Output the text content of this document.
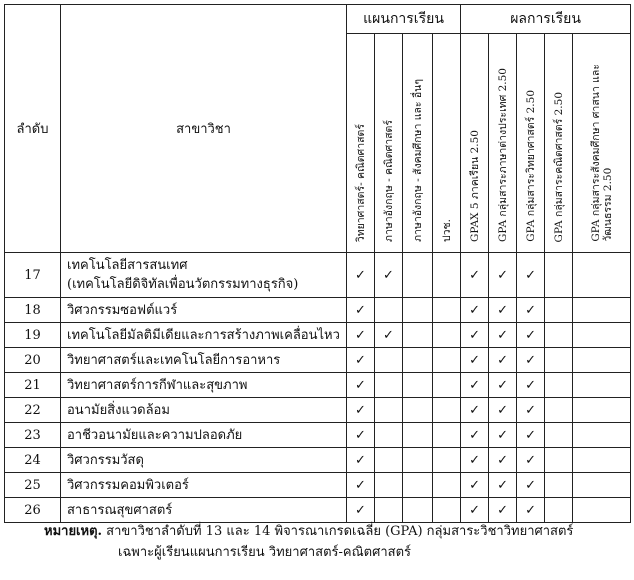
ลำดับ	สาขาวิชา	แผนการเรียน				ผลการเรียน				
		วิทยาศาสตร์- คณิตศาสตร์	ภาษาอังกฤษ - คณิตศาสตร์	ภาษาอังกฤษ - สังคมศึกษา และ อื่นๆ	ปวช.	GPAX 5 ภาคเรียน 2.50	GPA กลุ่มสาระภาษาต่างประเทศ 2.50	GPA กลุ่มสาระวิทยาศาสตร์ 2.50	GPA กลุ่มสาระคณิตศาสตร์ 2.50	GPA กลุ่มสาระสังคมศึกษา ศาสนา และ
วัฒนธรรม 2.50
17	เทคโนโลยีสารสนเทศ
(เทคโนโลยีดิจิทัลเพื่อนวัตกรรมทางธุรกิจ)	✓	✓			✓	✓	✓		
18	วิศวกรรมซอฟต์แวร์	✓				✓	✓	✓		
19	เทคโนโลยีมัลติมีเดียและการสร้างภาพเคลื่อนไหว	✓	✓			✓	✓	✓		
20	วิทยาศาสตร์และเทคโนโลยีการอาหาร	✓				✓	✓	✓		
21	วิทยาศาสตร์การกีฬาและสุขภาพ	✓				✓	✓	✓		
22	อนามัยสิ่งแวดล้อม	✓				✓	✓	✓		
23	อาชีวอนามัยและความปลอดภัย	✓				✓	✓	✓		
24	วิศวกรรมวัสดุ	✓				✓	✓	✓		
25	วิศวกรรมคอมพิวเตอร์	✓				✓	✓	✓		
26	สาธารณสุขศาสตร์	✓				✓	✓	✓		
หมายเหตุ. สาขาวิชาลำดับที่ 13 และ 14 พิจารณาเกรดเฉลี่ย (GPA) กลุ่มสาระวิชาวิทยาศาสตร์
เฉพาะผู้เรียนแผนการเรียน วิทยาศาสตร์-คณิตศาสตร์
